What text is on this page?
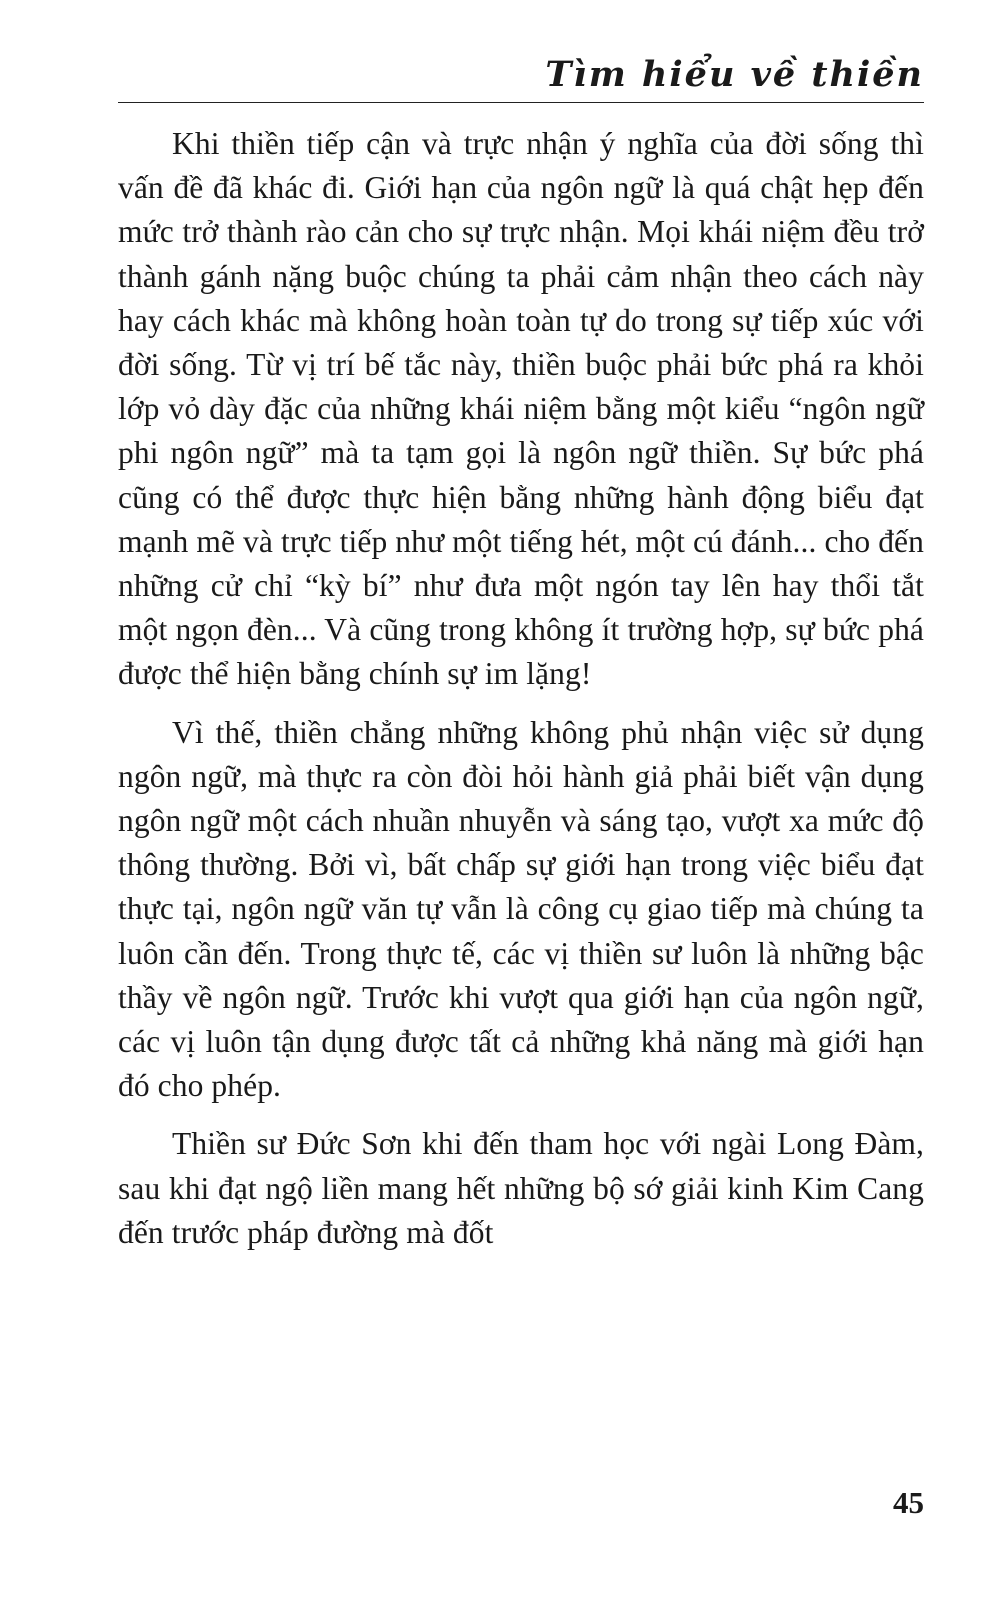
Tìm hiểu về thiền

Khi thiền tiếp cận và trực nhận ý nghĩa của đời sống thì vấn đề đã khác đi. Giới hạn của ngôn ngữ là quá chật hẹp đến mức trở thành rào cản cho sự trực nhận. Mọi khái niệm đều trở thành gánh nặng buộc chúng ta phải cảm nhận theo cách này hay cách khác mà không hoàn toàn tự do trong sự tiếp xúc với đời sống. Từ vị trí bế tắc này, thiền buộc phải bức phá ra khỏi lớp vỏ dày đặc của những khái niệm bằng một kiểu “ngôn ngữ phi ngôn ngữ” mà ta tạm gọi là ngôn ngữ thiền. Sự bức phá cũng có thể được thực hiện bằng những hành động biểu đạt mạnh mẽ và trực tiếp như một tiếng hét, một cú đánh... cho đến những cử chỉ “kỳ bí” như đưa một ngón tay lên hay thổi tắt một ngọn đèn... Và cũng trong không ít trường hợp, sự bức phá được thể hiện bằng chính sự im lặng!

Vì thế, thiền chẳng những không phủ nhận việc sử dụng ngôn ngữ, mà thực ra còn đòi hỏi hành giả phải biết vận dụng ngôn ngữ một cách nhuần nhuyễn và sáng tạo, vượt xa mức độ thông thường. Bởi vì, bất chấp sự giới hạn trong việc biểu đạt thực tại, ngôn ngữ văn tự vẫn là công cụ giao tiếp mà chúng ta luôn cần đến. Trong thực tế, các vị thiền sư luôn là những bậc thầy về ngôn ngữ. Trước khi vượt qua giới hạn của ngôn ngữ, các vị luôn tận dụng được tất cả những khả năng mà giới hạn đó cho phép.

Thiền sư Đức Sơn khi đến tham học với ngài Long Đàm, sau khi đạt ngộ liền mang hết những bộ sớ giải kinh Kim Cang đến trước pháp đường mà đốt

45
